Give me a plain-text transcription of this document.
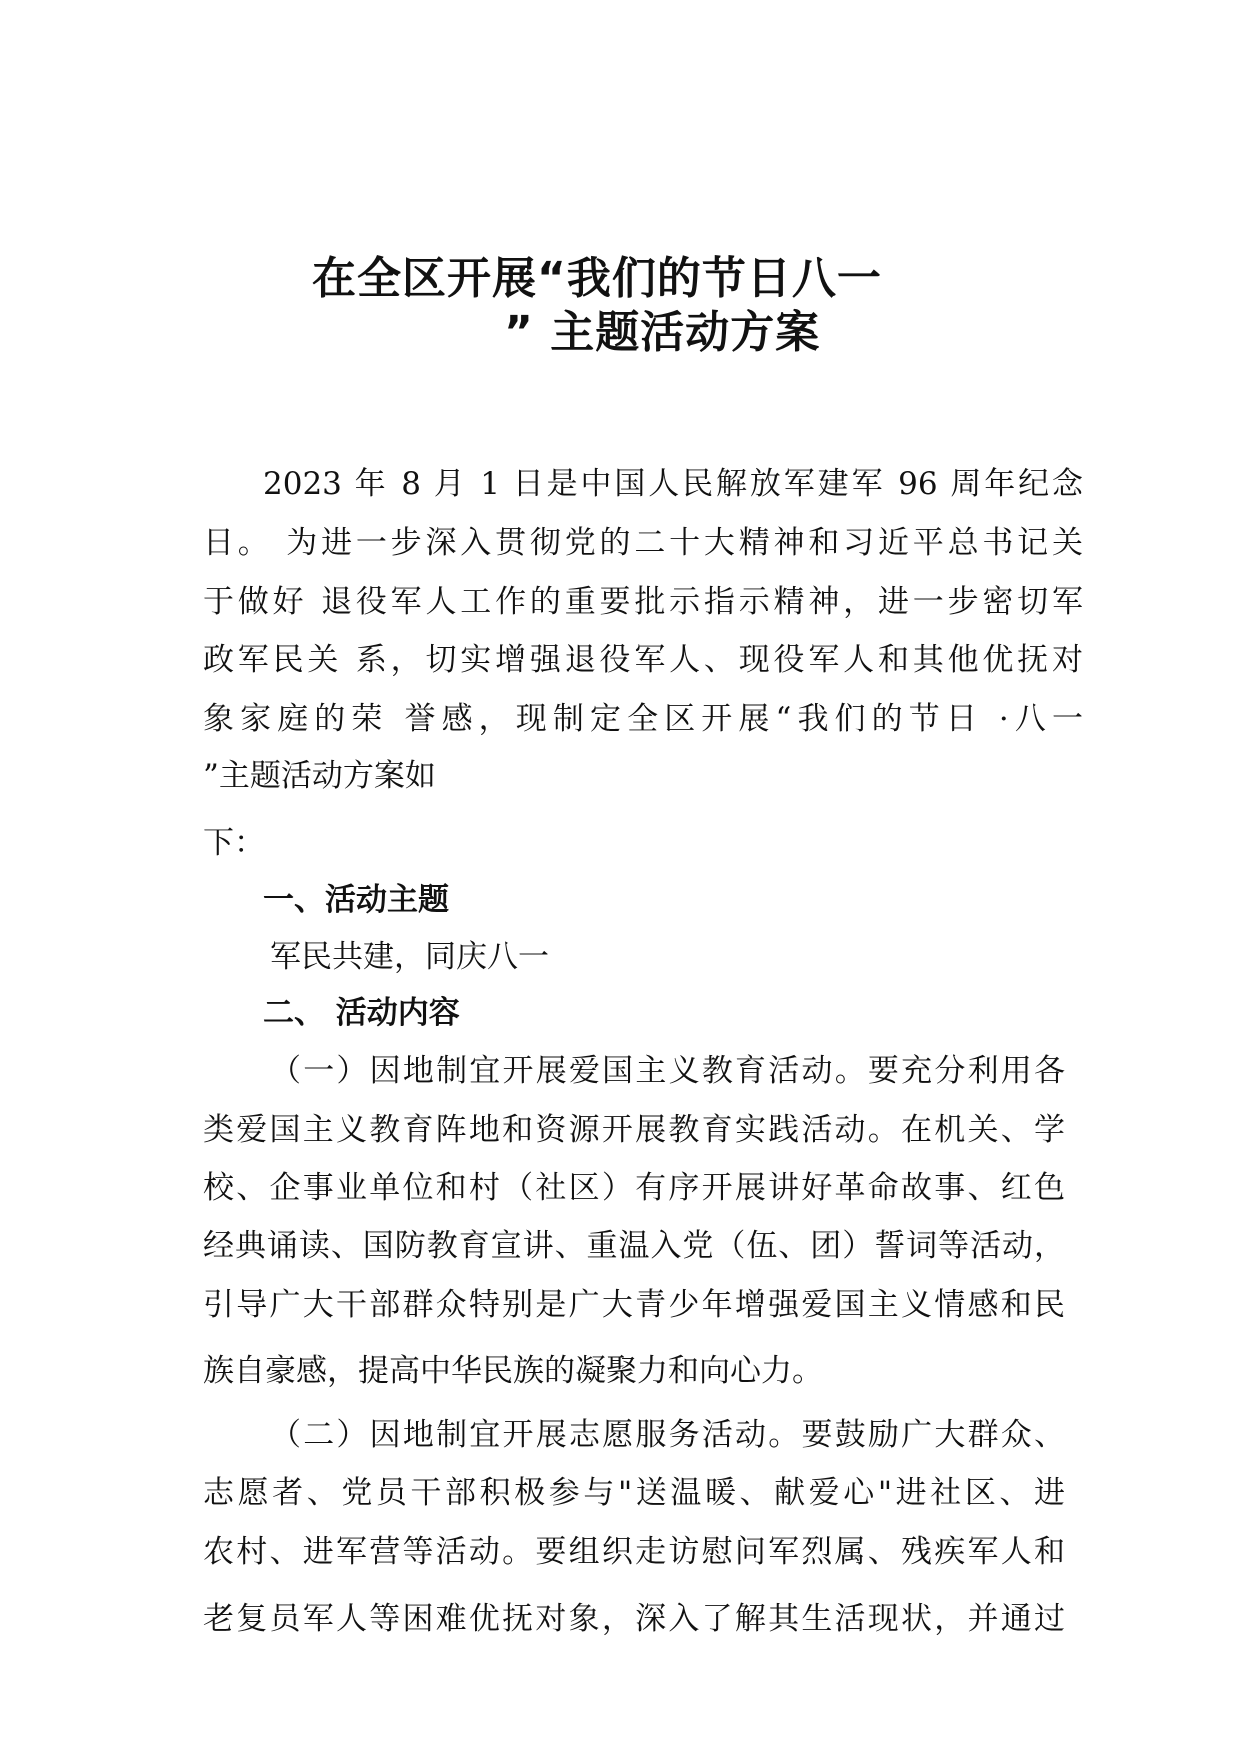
在全区开展“我们的节日八一
” 主题活动方案
2023 年 8 月 1 日是中国人民解放军建军 96 周年纪念
日。 为进一步深入贯彻党的二十大精神和习近平总书记关
于做好 退役军人工作的重要批示指示精神，进一步密切军
政军民关 系，切实增强退役军人、现役军人和其他优抚对
象家庭的荣 誉感，现制定全区开展“我们的节日 ·八一
”主题活动方案如
下：
一、活动主题
军民共建，同庆八一
二、 活动内容
（一）因地制宜开展爱国主义教育活动。要充分利用各
类爱国主义教育阵地和资源开展教育实践活动。在机关、学
校、企事业单位和村（社区）有序开展讲好革命故事、红色
经典诵读、国防教育宣讲、重温入党（伍、团）誓词等活动，
引导广大干部群众特别是广大青少年增强爱国主义情感和民
族自豪感，提高中华民族的凝聚力和向心力。
（二）因地制宜开展志愿服务活动。要鼓励广大群众、
志愿者、党员干部积极参与"送温暖、献爱心"进社区、进
农村、进军营等活动。要组织走访慰问军烈属、残疾军人和
老复员军人等困难优抚对象，深入了解其生活现状，并通过
